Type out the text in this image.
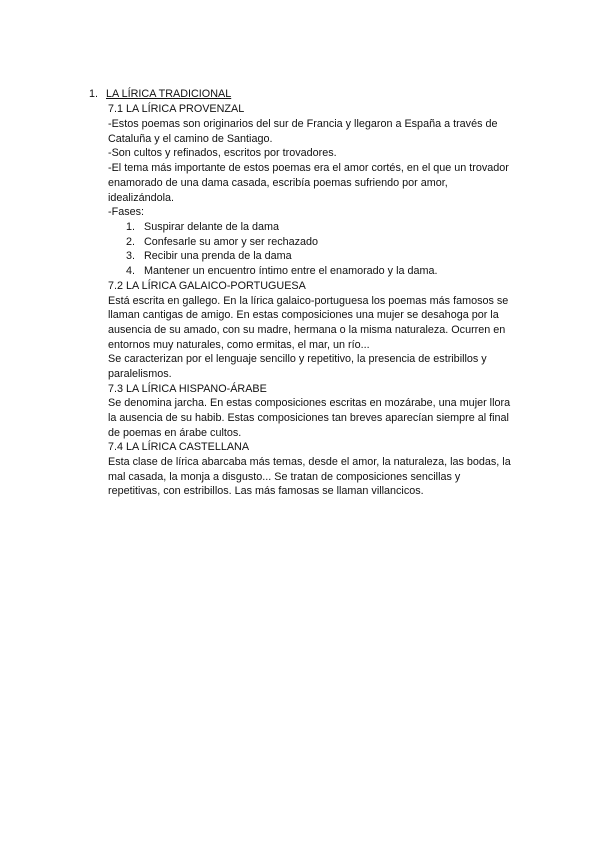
1. LA LÍRICA TRADICIONAL
7.1 LA LÍRICA PROVENZAL
-Estos poemas son originarios del sur de Francia y llegaron a España a través de
Cataluña y el camino de Santiago.
-Son cultos y refinados, escritos por trovadores.
-El tema más importante de estos poemas era el amor cortés, en el que un trovador
enamorado de una dama casada, escribía poemas sufriendo por amor,
idealizándola.
-Fases:
1. Suspirar delante de la dama
2. Confesarle su amor y ser rechazado
3. Recibir una prenda de la dama
4. Mantener un encuentro íntimo entre el enamorado y la dama.
7.2 LA LÍRICA GALAICO-PORTUGUESA
Está escrita en gallego. En la lírica galaico-portuguesa los poemas más famosos se
llaman cantigas de amigo. En estas composiciones una mujer se desahoga por la
ausencia de su amado, con su madre, hermana o la misma naturaleza. Ocurren en
entornos muy naturales, como ermitas, el mar, un río...
Se caracterizan por el lenguaje sencillo y repetitivo, la presencia de estribillos y
paralelismos.
7.3 LA LÍRICA HISPANO-ÁRABE
Se denomina jarcha. En estas composiciones escritas en mozárabe, una mujer llora
la ausencia de su habib. Estas composiciones tan breves aparecían siempre al final
de poemas en árabe cultos.
7.4 LA LÍRICA CASTELLANA
Esta clase de lírica abarcaba más temas, desde el amor, la naturaleza, las bodas, la
mal casada, la monja a disgusto... Se tratan de composiciones sencillas y
repetitivas, con estribillos. Las más famosas se llaman villancicos.
